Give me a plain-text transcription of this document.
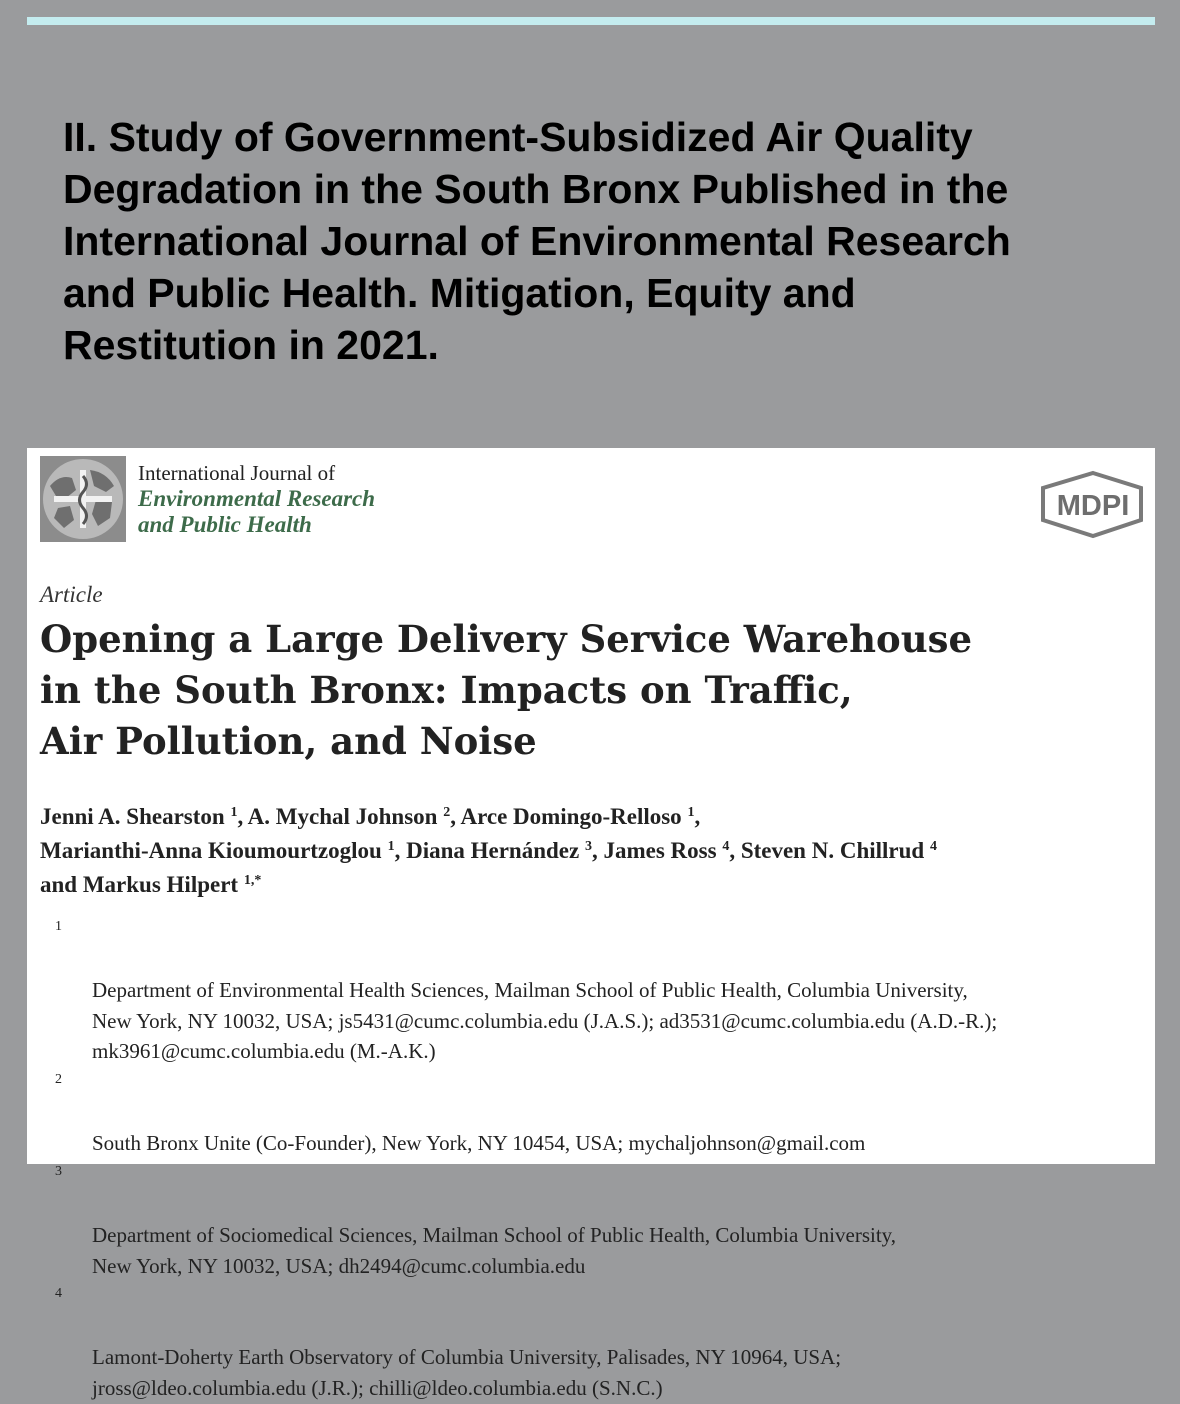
II. Study of Government-Subsidized Air Quality
Degradation in the South Bronx Published in the
International Journal of Environmental Research
and Public Health. Mitigation, Equity and
Restitution in 2021.
International Journal of
Environmental Research
and Public Health
MDPI
Article
Opening a Large Delivery Service Warehouse
in the South Bronx: Impacts on Traffic,
Air Pollution, and Noise

Jenni A. Shearston $^1$, A. Mychal Johnson $^2$, Arce Domingo-Relloso $^1$,
Marianthi-Anna Kioumourtzoglou $^1$, Diana Hernández $^3$, James Ross $^4$, Steven N. Chillrud $^4$
and Markus Hilpert $^{1,*}$

1

Department of Environmental Health Sciences, Mailman School of Public Health, Columbia University,
New York, NY 10032, USA; js5431@cumc.columbia.edu (J.A.S.); ad3531@cumc.columbia.edu (A.D.-R.);
mk3961@cumc.columbia.edu (M.-A.K.)

2

South Bronx Unite (Co-Founder), New York, NY 10454, USA; mychaljohnson@gmail.com

3

Department of Sociomedical Sciences, Mailman School of Public Health, Columbia University,
New York, NY 10032, USA; dh2494@cumc.columbia.edu

4

Lamont-Doherty Earth Observatory of Columbia University, Palisades, NY 10964, USA;
jross@ldeo.columbia.edu (J.R.); chilli@ldeo.columbia.edu (S.N.C.)
